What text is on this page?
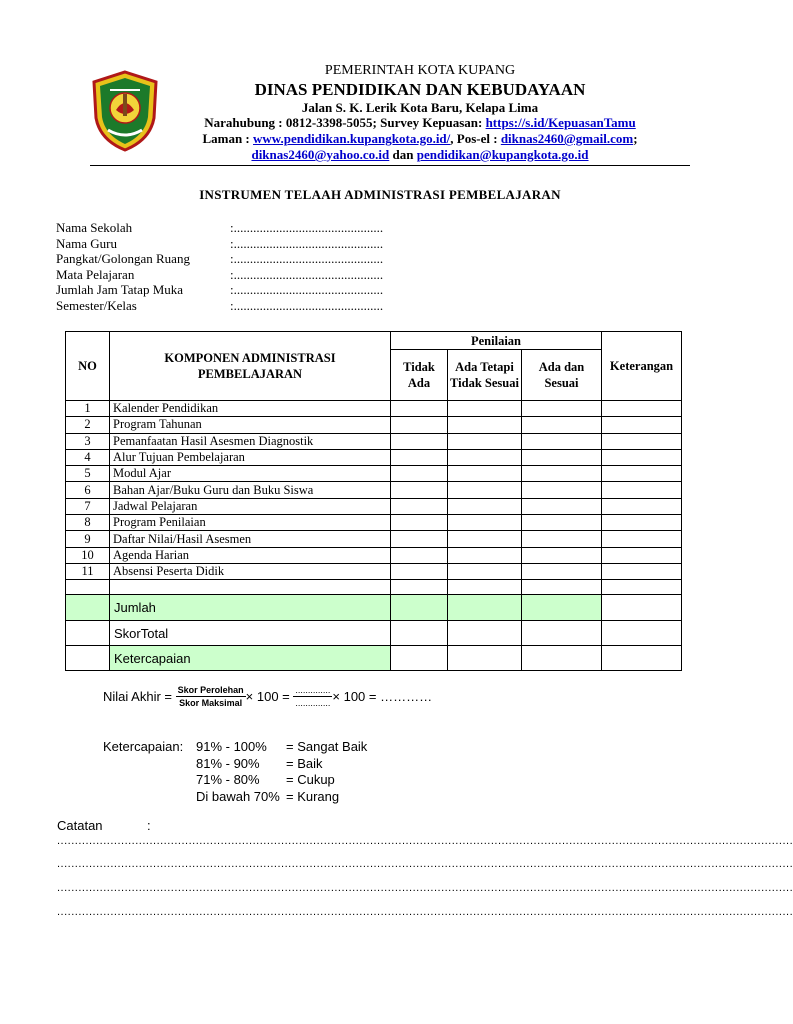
PEMERINTAH KOTA KUPANG
DINAS PENDIDIKAN DAN KEBUDAYAAN
Jalan S. K. Lerik Kota Baru, Kelapa Lima
Narahubung : 0812-3398-5055; Survey Kepuasan: https://s.id/KepuasanTamu
Laman : www.pendidikan.kupangkota.go.id/, Pos-el : diknas2460@gmail.com;
diknas2460@yahoo.co.id dan pendidikan@kupangkota.go.id
INSTRUMEN TELAAH ADMINISTRASI PEMBELAJARAN
Nama Sekolah	:..............................................
Nama Guru	:..............................................
Pangkat/Golongan Ruang	:..............................................
Mata Pelajaran	:..............................................
Jumlah Jam Tatap Muka	:..............................................
Semester/Kelas	:..............................................
NO	KOMPONEN ADMINISTRASI PEMBELAJARAN	Penilaian			Keterangan
		Tidak Ada	Ada Tetapi Tidak Sesuai	Ada dan Sesuai	
1	Kalender Pendidikan				
2	Program Tahunan				
3	Pemanfaatan Hasil Asesmen Diagnostik				
4	Alur Tujuan Pembelajaran				
5	Modul Ajar				
6	Bahan Ajar/Buku Guru dan Buku Siswa				
7	Jadwal Pelajaran				
8	Program Penilaian				
9	Daftar Nilai/Hasil Asesmen				
10	Agenda Harian				
11	Absensi Peserta Didik				

	Jumlah				
	SkorTotal				
	Ketercapaian				
Nilai Akhir = $\frac{\text{Skor Perolehan}}{\text{Skor Maksimal}} \times 100 = \frac{..............}{..............} \times 100$ = …………
Ketercapaian: 91% - 100% = Sangat Baik
81% - 90% = Baik
71% - 80% = Cukup
Di bawah 70% = Kurang
Catatan	:
...............................................................................................................................................................................................................
...............................................................................................................................................................................................................
...............................................................................................................................................................................................................
...............................................................................................................................................................................................................
